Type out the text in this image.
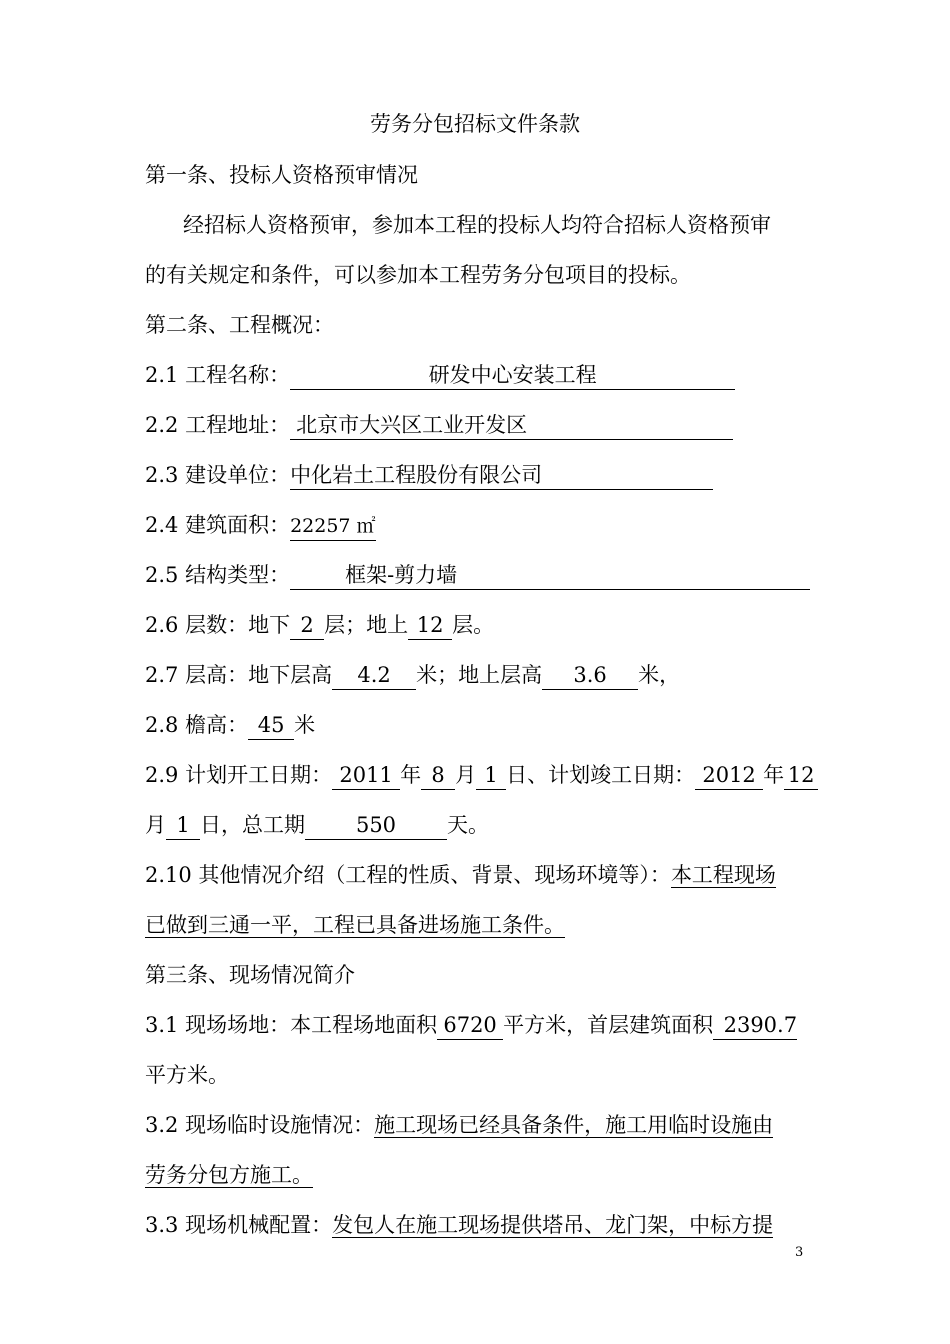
劳务分包招标文件条款
第一条、投标人资格预审情况
经招标人资格预审，参加本工程的投标人均符合招标人资格预审
的有关规定和条件，可以参加本工程劳务分包项目的投标。
第二条、工程概况：
2.1 工程名称：	研发中心安装工程
2.2 工程地址： 北京市大兴区工业开发区
2.3 建设单位：中化岩土工程股份有限公司
2.4 建筑面积：22257 ㎡
2.5 结构类型：	框架-剪力墙
2.6 层数：地下 2 层；地上 12 层。
2.7 层高：地下层高 4.2 米；地上层高 3.6 米，
2.8 檐高： 45 米
2.9 计划开工日期： 2011 年 8 月 1 日、计划竣工日期： 2012 年 12
月 1 日，总工期 550 天。
2.10 其他情况介绍（工程的性质、背景、现场环境等）：本工程现场
已做到三通一平，工程已具备进场施工条件。
第三条、现场情况简介
3.1 现场场地：本工程场地面积 6720 平方米，首层建筑面积 2390.7
平方米。
3.2 现场临时设施情况：施工现场已经具备条件，施工用临时设施由
劳务分包方施工。
3.3 现场机械配置：发包人在施工现场提供塔吊、龙门架，中标方提
3
